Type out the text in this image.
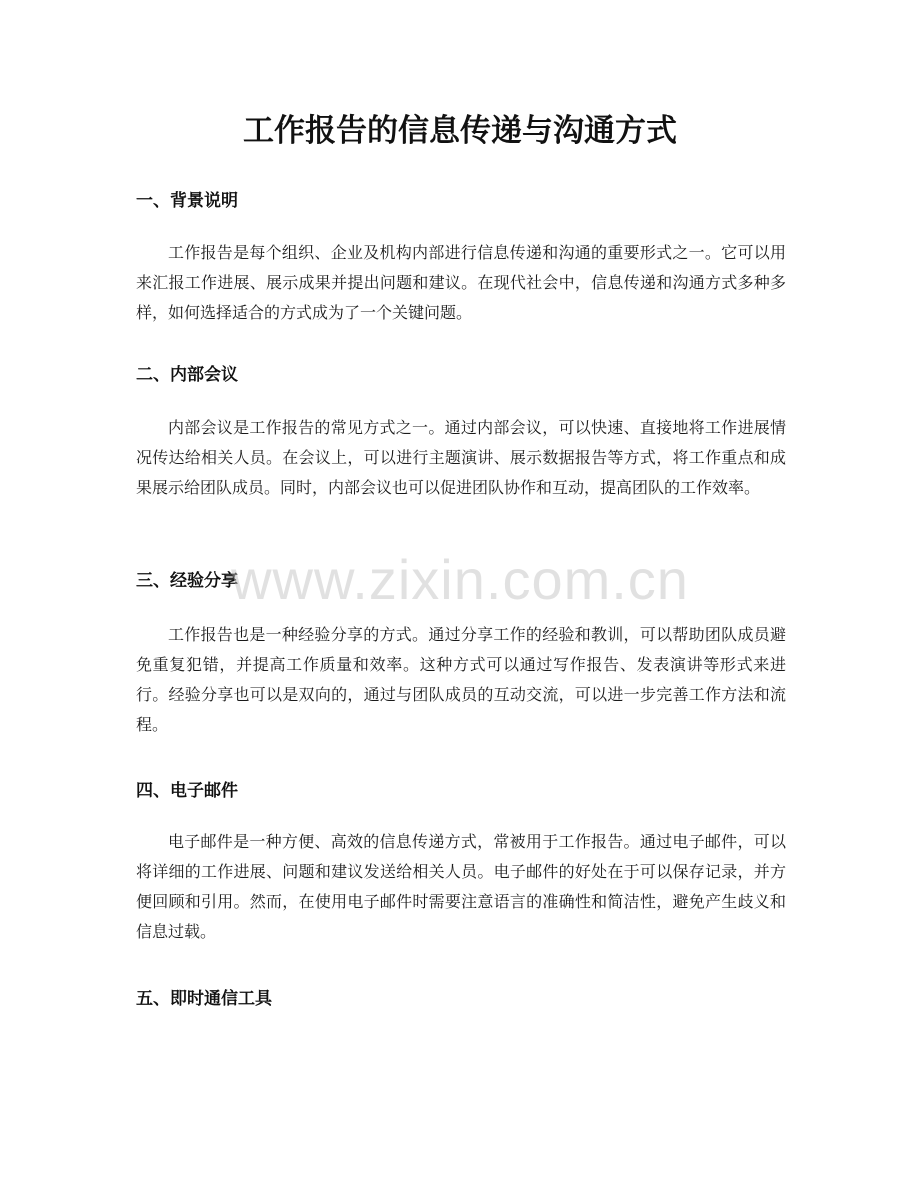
工作报告的信息传递与沟通方式
一、背景说明

工作报告是每个组织、企业及机构内部进行信息传递和沟通的重要形式之一。它可以用来汇报工作进展、展示成果并提出问题和建议。在现代社会中，信息传递和沟通方式多种多样，如何选择适合的方式成为了一个关键问题。

二、内部会议

内部会议是工作报告的常见方式之一。通过内部会议，可以快速、直接地将工作进展情况传达给相关人员。在会议上，可以进行主题演讲、展示数据报告等方式，将工作重点和成果展示给团队成员。同时，内部会议也可以促进团队协作和互动，提高团队的工作效率。

三、经验分享

工作报告也是一种经验分享的方式。通过分享工作的经验和教训，可以帮助团队成员避免重复犯错，并提高工作质量和效率。这种方式可以通过写作报告、发表演讲等形式来进行。经验分享也可以是双向的，通过与团队成员的互动交流，可以进一步完善工作方法和流程。

四、电子邮件

电子邮件是一种方便、高效的信息传递方式，常被用于工作报告。通过电子邮件，可以将详细的工作进展、问题和建议发送给相关人员。电子邮件的好处在于可以保存记录，并方便回顾和引用。然而，在使用电子邮件时需要注意语言的准确性和简洁性，避免产生歧义和信息过载。

五、即时通信工具
www.zixin.com.cn
